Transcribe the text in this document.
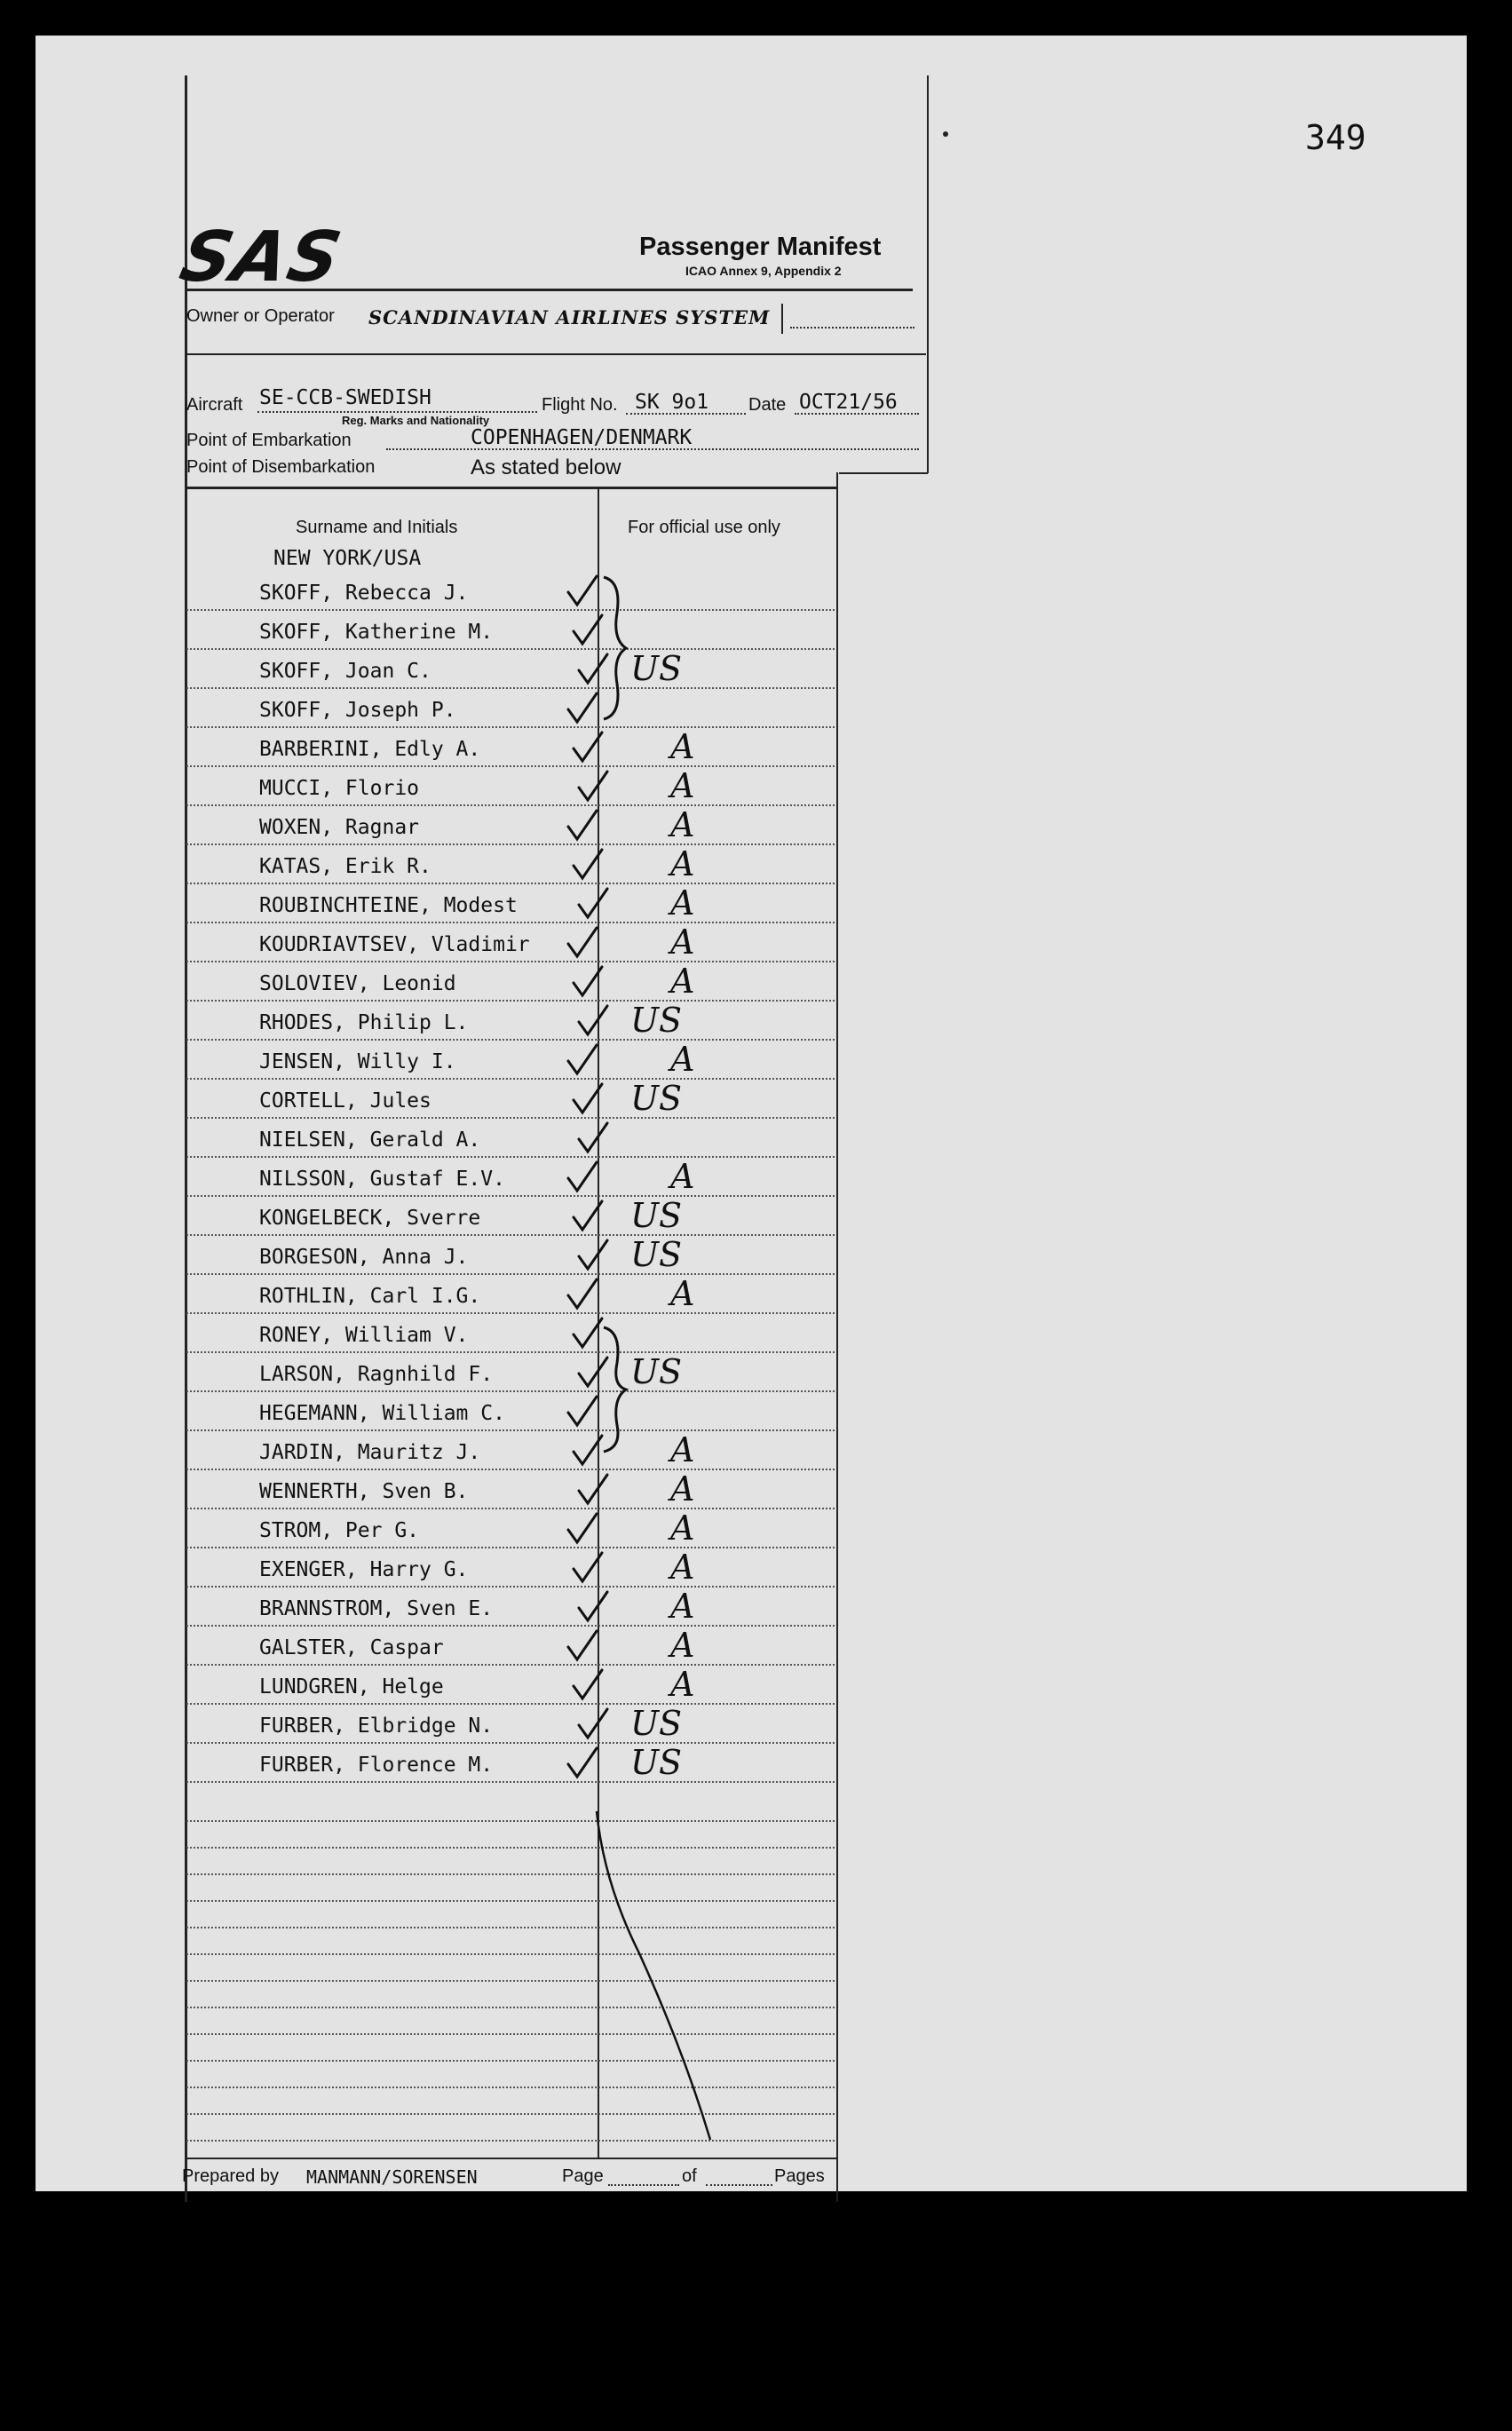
349
SAS	Passenger Manifest
ICAO Annex 9, Appendix 2
Owner or Operator SCANDINAVIAN AIRLINES SYSTEM
Aircraft SE-CCB-SWEDISH
Reg. Marks and Nationality
Flight No. SK 9o1 Date OCT21/56
Point of Embarkation	COPENHAGEN/DENMARK
Point of Disembarkation	As stated below
Surname and Initials	For official use only
NEW YORK/USA
SKOFF, Rebecca J.
SKOFF, Katherine M.
SKOFF, Joan C.	US
SKOFF, Joseph P.
BARBERINI, Edly A.	A
MUCCI, Florio	A
WOXEN, Ragnar	A
KATAS, Erik R.	A
ROUBINCHTEINE, Modest	A
KOUDRIAVTSEV, Vladimir	A
SOLOVIEV, Leonid	A
RHODES, Philip L.	US
JENSEN, Willy I.	A
CORTELL, Jules	US
NIELSEN, Gerald A.
NILSSON, Gustaf E.V.	A
KONGELBECK, Sverre	US
BORGESON, Anna J.	US
ROTHLIN, Carl I.G.	A
RONEY, William V.
LARSON, Ragnhild F.	US
HEGEMANN, William C.
JARDIN, Mauritz J.	A
WENNERTH, Sven B.	A
STROM, Per G.	A
EXENGER, Harry G.	A
BRANNSTROM, Sven E.	A
GALSTER, Caspar	A
LUNDGREN, Helge	A
FURBER, Elbridge N.	US
FURBER, Florence M.	US
Prepared by MANMANN/SORENSEN	Page	of	Pages
